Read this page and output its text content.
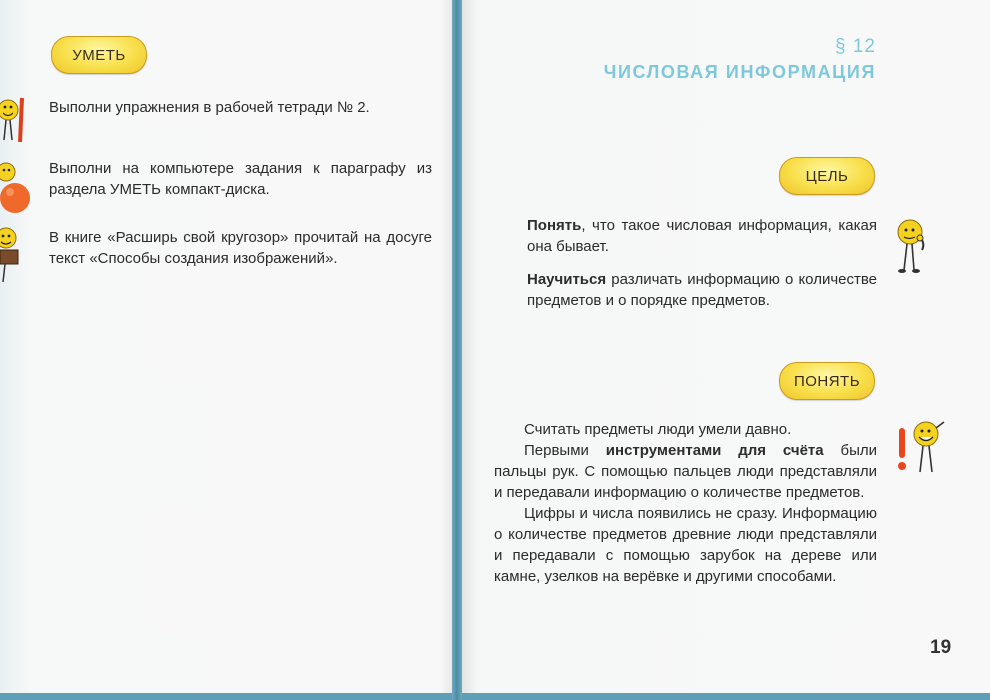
УМЕТЬ
Выполни упражнения в рабочей тетради № 2.
Выполни на компьютере задания к параграфу из раздела УМЕТЬ компакт-диска.
В книге «Расширь свой кругозор» прочитай на досуге текст «Способы создания изображений».
§ 12
ЧИСЛОВАЯ ИНФОРМАЦИЯ
ЦЕЛЬ
Понять, что такое числовая информация, какая она бывает.
Научиться различать информацию о количестве предметов и о порядке предметов.
ПОНЯТЬ

Считать предметы люди умели давно.

Первыми инструментами для счёта были пальцы рук. С помощью пальцев люди представляли и передавали информацию о количестве предметов.

Цифры и числа появились не сразу. Информацию о количестве предметов древние люди представляли и передавали с помощью зарубок на дереве или камне, узелков на верёвке и другими способами.

19
